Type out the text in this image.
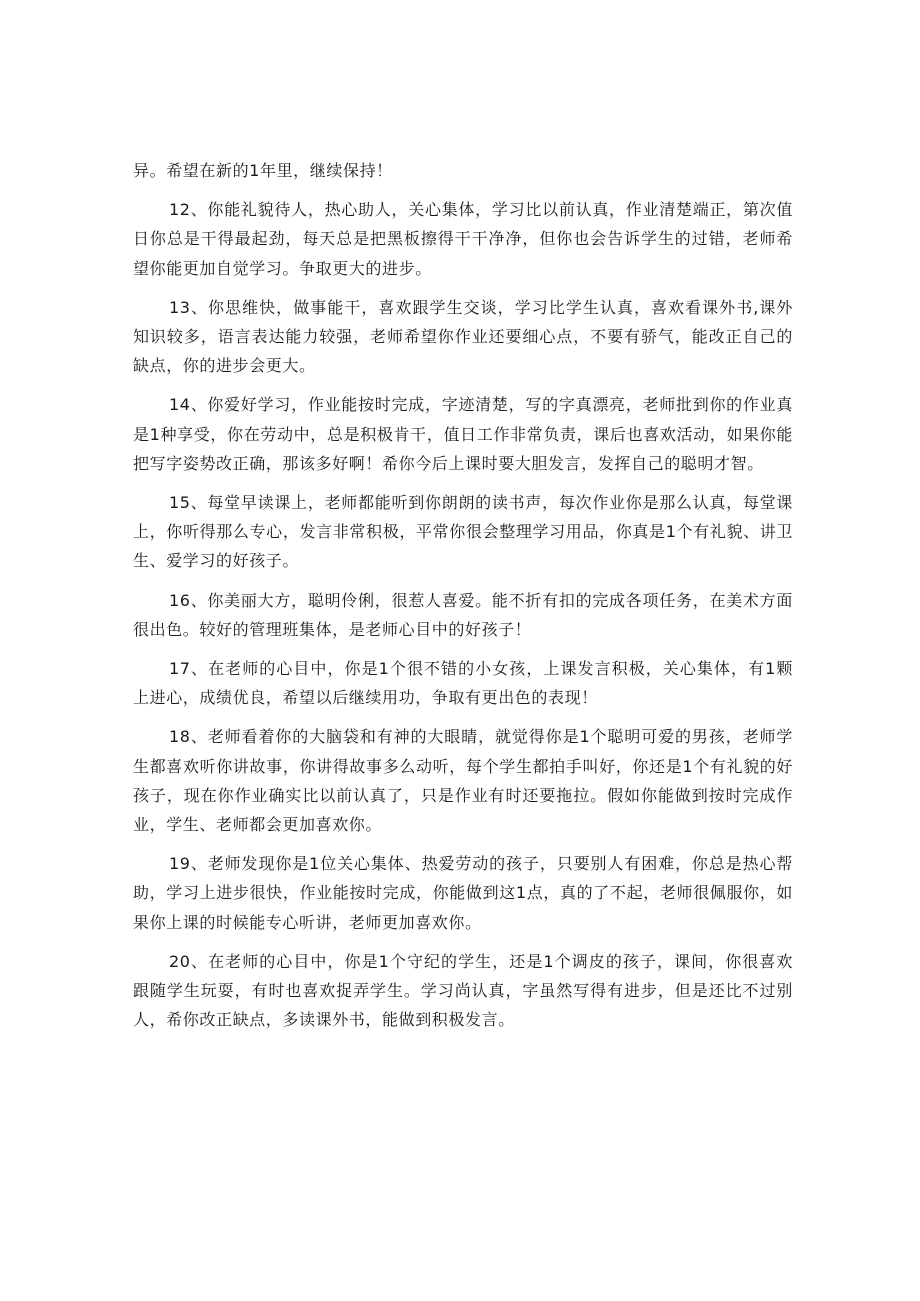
异。希望在新的1年里，继续保持！

12、你能礼貌待人，热心助人，关心集体，学习比以前认真，作业清楚端正，第次值日你总是干得最起劲，每天总是把黑板擦得干干净净，但你也会告诉学生的过错，老师希望你能更加自觉学习。争取更大的进步。

13、你思维快，做事能干，喜欢跟学生交谈，学习比学生认真，喜欢看课外书,课外知识较多，语言表达能力较强，老师希望你作业还要细心点，不要有骄气，能改正自己的缺点，你的进步会更大。

14、你爱好学习，作业能按时完成，字迹清楚，写的字真漂亮，老师批到你的作业真是1种享受，你在劳动中，总是积极肯干，值日工作非常负责，课后也喜欢活动，如果你能把写字姿势改正确，那该多好啊！希你今后上课时要大胆发言，发挥自己的聪明才智。

15、每堂早读课上，老师都能听到你朗朗的读书声，每次作业你是那么认真，每堂课上，你听得那么专心，发言非常积极，平常你很会整理学习用品，你真是1个有礼貌、讲卫生、爱学习的好孩子。

16、你美丽大方，聪明伶俐，很惹人喜爱。能不折有扣的完成各项任务，在美术方面很出色。较好的管理班集体，是老师心目中的好孩子！

17、在老师的心目中，你是1个很不错的小女孩，上课发言积极，关心集体，有1颗上进心，成绩优良，希望以后继续用功，争取有更出色的表现！

18、老师看着你的大脑袋和有神的大眼睛，就觉得你是1个聪明可爱的男孩，老师学生都喜欢听你讲故事，你讲得故事多么动听，每个学生都拍手叫好，你还是1个有礼貌的好孩子，现在你作业确实比以前认真了，只是作业有时还要拖拉。假如你能做到按时完成作业，学生、老师都会更加喜欢你。

19、老师发现你是1位关心集体、热爱劳动的孩子，只要别人有困难，你总是热心帮助，学习上进步很快，作业能按时完成，你能做到这1点，真的了不起，老师很佩服你，如果你上课的时候能专心听讲，老师更加喜欢你。

20、在老师的心目中，你是1个守纪的学生，还是1个调皮的孩子，课间，你很喜欢跟随学生玩耍，有时也喜欢捉弄学生。学习尚认真，字虽然写得有进步，但是还比不过别人，希你改正缺点，多读课外书，能做到积极发言。
